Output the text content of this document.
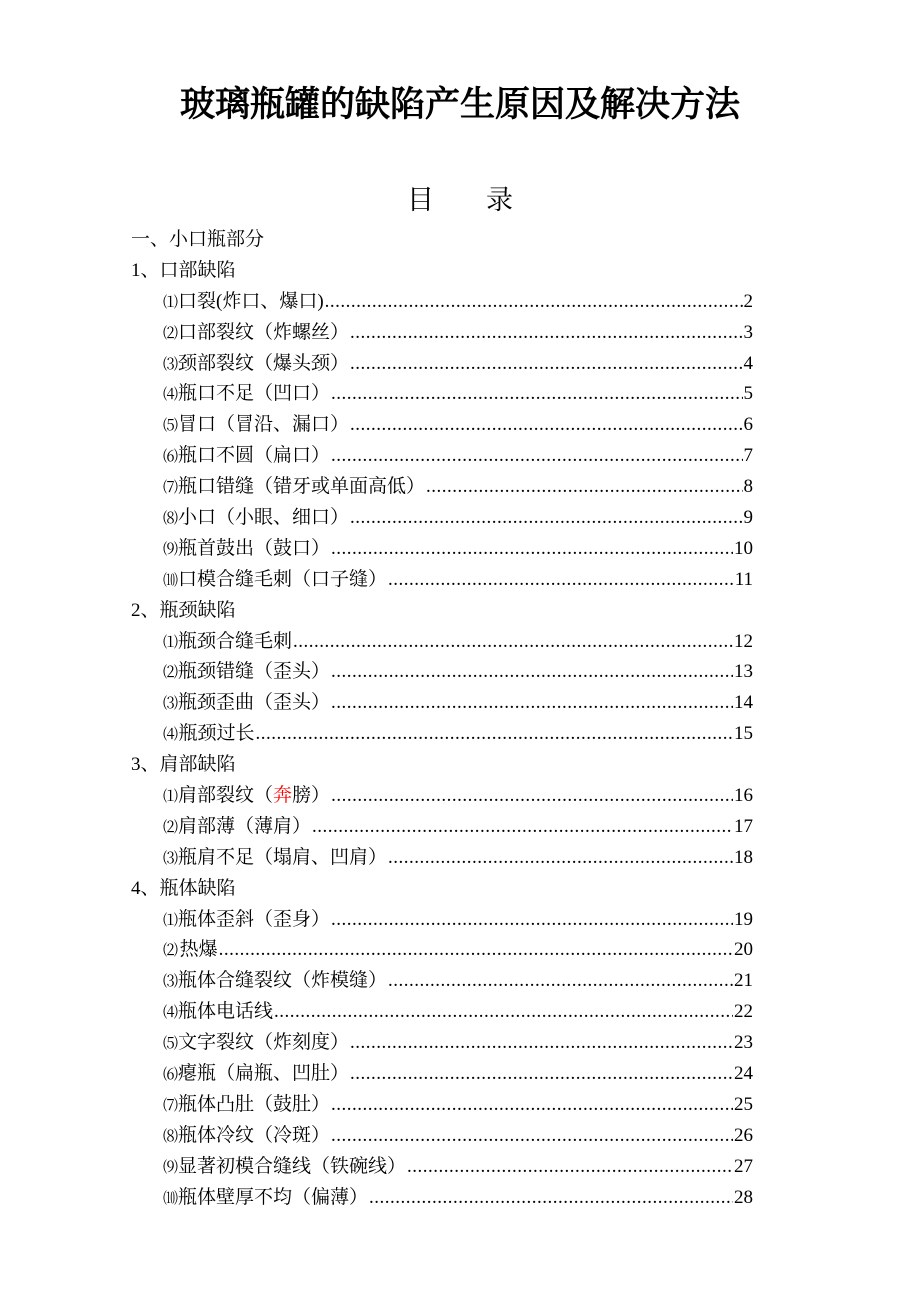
玻璃瓶罐的缺陷产生原因及解决方法
目 录
一、小口瓶部分
1、口部缺陷
⑴ 口裂(炸口、爆口) .....	2
⑵ 口部裂纹（炸螺丝） .....	3
⑶ 颈部裂纹（爆头颈） .....	4
⑷ 瓶口不足（凹口） .....	5
⑸ 冒口（冒沿、漏口） .....	6
⑹ 瓶口不圆（扁口） .....	7
⑺ 瓶口错缝（错牙或单面高低） .....	8
⑻ 小口（小眼、细口） .....	9
⑼ 瓶首鼓出（鼓口） .....	10
⑽ 口模合缝毛刺（口子缝） .....	11
2、瓶颈缺陷
⑴ 瓶颈合缝毛刺 .....	12
⑵ 瓶颈错缝（歪头） .....	13
⑶ 瓶颈歪曲（歪头） .....	14
⑷ 瓶颈过长 .....	15
3、肩部缺陷
⑴ 肩部裂纹（奔膀） .....	16
⑵ 肩部薄（薄肩） .....	17
⑶ 瓶肩不足（塌肩、凹肩） .....	18
4、瓶体缺陷
⑴ 瓶体歪斜（歪身） .....	19
⑵ 热爆 .....	20
⑶ 瓶体合缝裂纹（炸模缝） .....	21
⑷ 瓶体电话线 .....	22
⑸ 文字裂纹（炸刻度） .....	23
⑹ 瘪瓶（扁瓶、凹肚） .....	24
⑺ 瓶体凸肚（鼓肚） .....	25
⑻ 瓶体冷纹（冷斑） .....	26
⑼ 显著初模合缝线（铁碗线） .....	27
⑽ 瓶体壁厚不均（偏薄） .....	28
